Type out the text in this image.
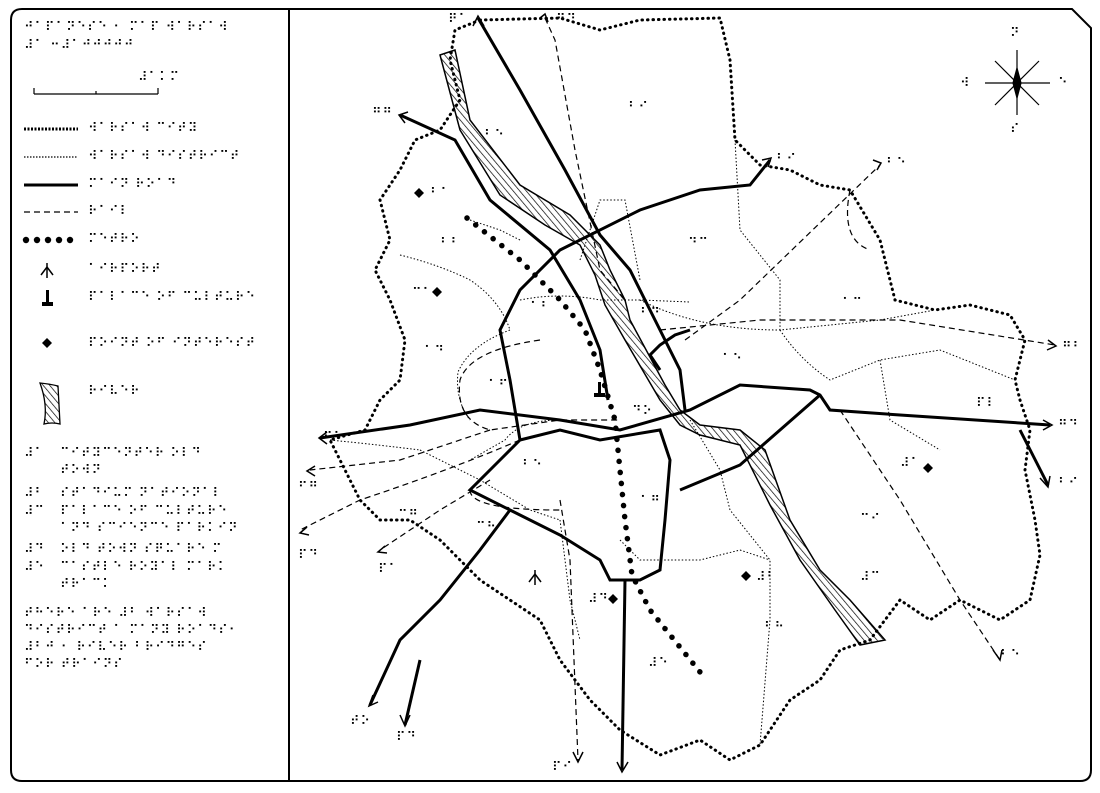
⠚⠁⠏⠁⠝⠑⠎⠑ ⠂ ⠍⠁⠏ ⠺⠁⠗⠎⠁⠺
⠼⠁ ⠒⠼⠁⠚⠚⠚⠚⠚
⠼⠁⠅⠍
⠺⠁⠗⠎⠁⠺ ⠉⠊⠞⠽
⠺⠁⠗⠎⠁⠺ ⠙⠊⠎⠞⠗⠊⠉⠞
⠍⠁⠊⠝ ⠗⠕⠁⠙
⠗⠁⠊⠇
⠍⠑⠞⠗⠕
⠁⠊⠗⠏⠕⠗⠞
⠏⠁⠇⠁⠉⠑ ⠕⠋ ⠉⠥⠇⠞⠥⠗⠑
⠏⠕⠊⠝⠞ ⠕⠋ ⠊⠝⠞⠑⠗⠑⠎⠞
⠗⠊⠧⠑⠗
⠼⠁ ⠉⠊⠞⠽⠉⠑⠝⠞⠑⠗ ⠕⠇⠙
⠞⠕⠺⠝
⠼⠃ ⠎⠞⠁⠙⠊⠥⠍ ⠝⠁⠞⠊⠕⠝⠁⠇
⠼⠉ ⠏⠁⠇⠁⠉⠑ ⠕⠋ ⠉⠥⠇⠞⠥⠗⠑
⠁⠝⠙ ⠎⠉⠊⠑⠝⠉⠑ ⠏⠁⠗⠅⠊⠝
⠼⠙ ⠕⠇⠙ ⠞⠕⠺⠝ ⠎⠟⠥⠁⠗⠑ ⠍
⠼⠑ ⠉⠁⠎⠞⠇⠑ ⠗⠕⠽⠁⠇ ⠍⠁⠗⠅
⠞⠗⠁⠉⠅
⠞⠓⠑⠗⠑ ⠁⠗⠑ ⠼⠃ ⠺⠁⠗⠎⠁⠺
⠙⠊⠎⠞⠗⠊⠉⠞ ⠁ ⠍⠁⠝⠽ ⠗⠕⠁⠙⠎⠂
⠼⠃⠚ ⠂ ⠗⠊⠧⠑⠗ ⠃⠗⠊⠙⠛⠑⠎
⠋⠕⠗ ⠞⠗⠁⠊⠝⠎
⠝
⠑
⠎
⠺
⠟⠁	⠛⠙
⠛⠛
⠃⠊	⠃⠑
⠛⠃
⠛⠙
⠃⠊
⠃⠑
⠋⠁
⠋⠛
⠏⠙
⠏⠁
⠞⠕
⠏⠙
⠏⠊
⠃⠊
⠃⠑
⠃⠁
⠃⠃	⠙⠉
⠉⠁
⠁⠃	⠃⠙
⠁⠉
⠁⠙
⠁⠑
⠁⠋
⠙⠕
⠏⠇
⠃⠑
⠁⠛
⠉⠛
⠉⠓
⠉⠊
⠃⠓
⠼⠁
⠼⠃	⠼⠉
⠼⠙
⠼⠑
